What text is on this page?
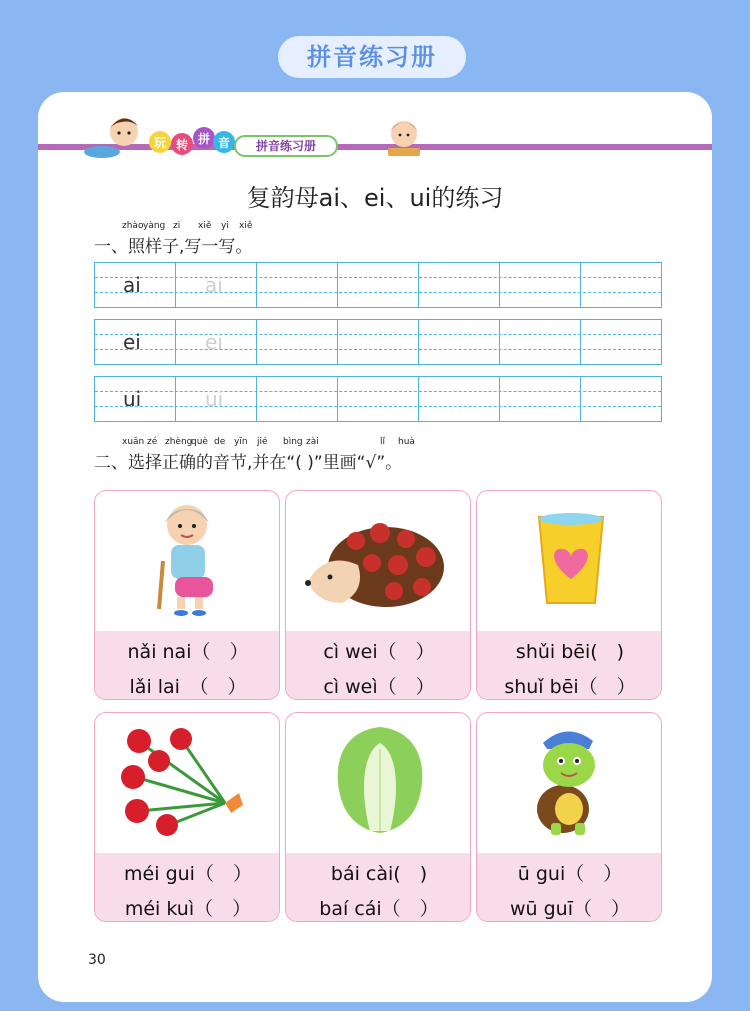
拼音练习册
玩 转 拼 音	拼音练习册
复韵母ai、ei、ui的练习
zhào yàng zi xiě yi xiě
一、照样子,写一写。
ai	ai
ei	ei
ui	ui
xuǎn zé zhèng
què de yīn jié bìng zài	lǐ huà
二、选择正确的音节,并在“( )”里画“√”。
nǎi nai（　）
lǎi lai　（　）
cì wei（　）
cì weì（　）
shǔi bēi(　)
shuǐ bēi（　）
méi gui（　）
méi kuì（　）
bái cài(　)
baí cái（　）
ū gui（　）
wū guī（　）
30
